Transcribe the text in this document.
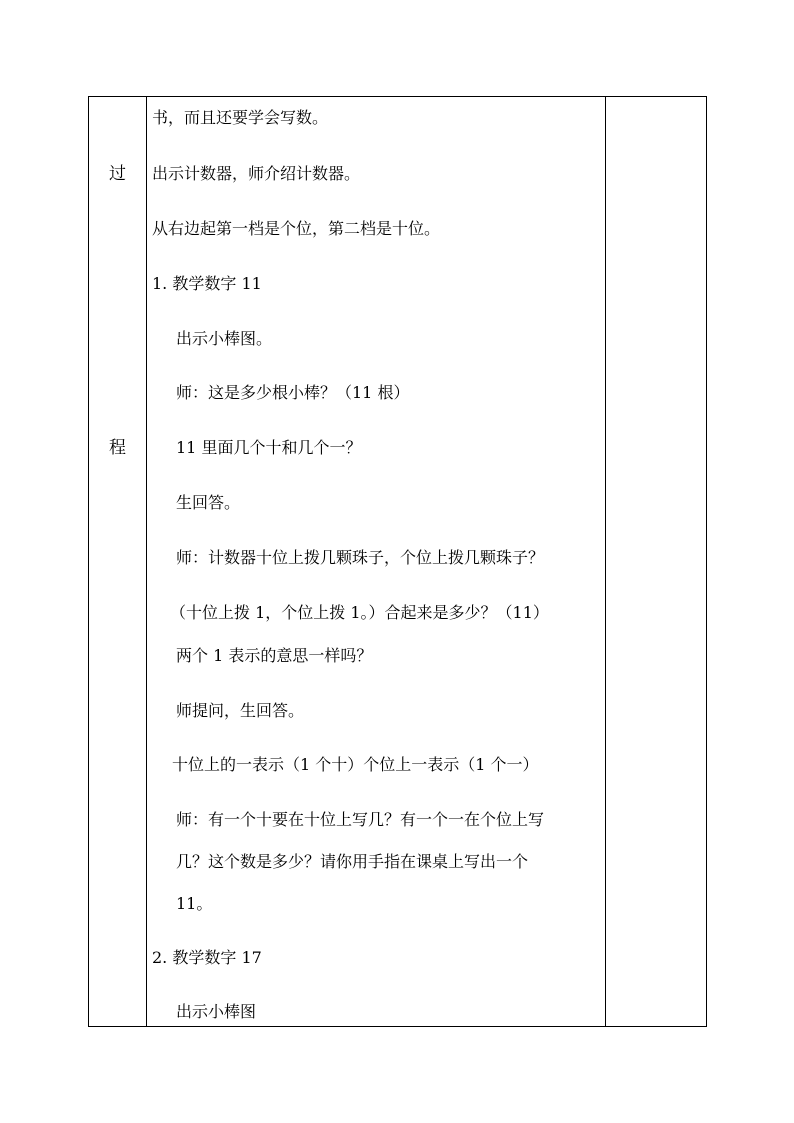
过
程
书，而且还要学会写数。
出示计数器，师介绍计数器。
从右边起第一档是个位，第二档是十位。
1. 教学数字 11
出示小棒图。
师：这是多少根小棒？（11 根）
11 里面几个十和几个一？
生回答。
师：计数器十位上拨几颗珠子，个位上拨几颗珠子？
（十位上拨 1，个位上拨 1。）合起来是多少？（11）
两个 1 表示的意思一样吗？
师提问，生回答。
十位上的一表示（1 个十）个位上一表示（1 个一）
师：有一个十要在十位上写几？有一个一在个位上写
几？这个数是多少？请你用手指在课桌上写出一个
11。
2. 教学数字 17
出示小棒图
